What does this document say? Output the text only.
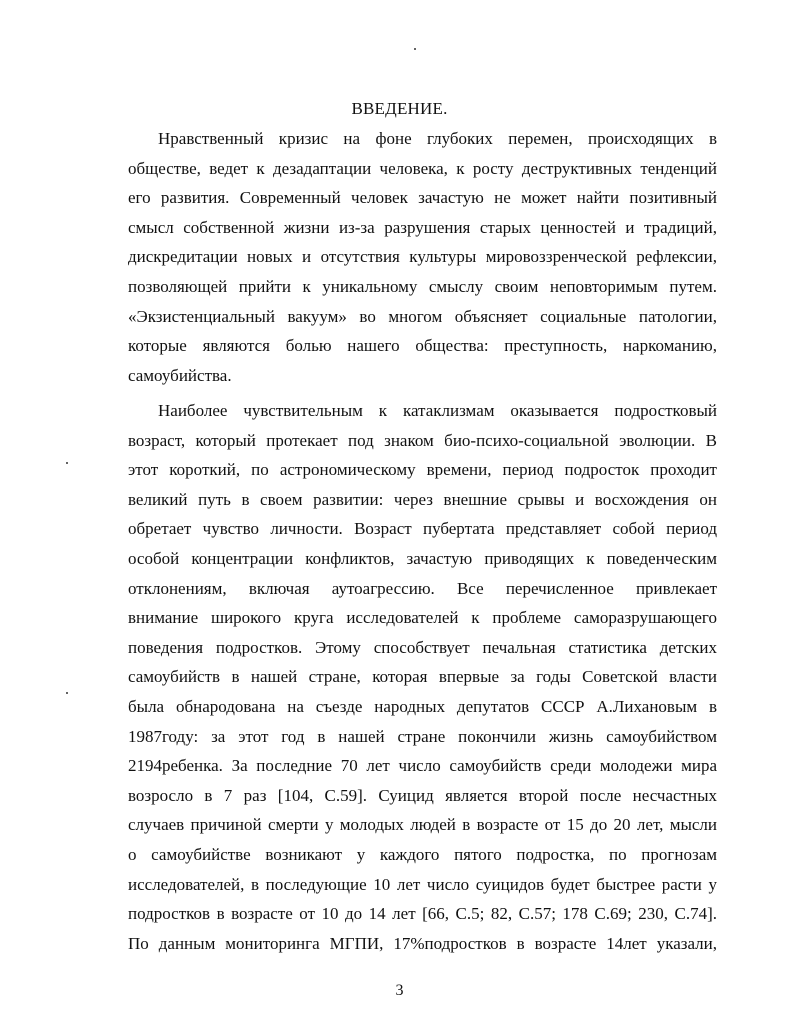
ВВЕДЕНИЕ.
Нравственный кризис на фоне глубоких перемен, происходящих в
обществе, ведет к дезадаптации человека, к росту деструктивных тенденций
его развития. Современный человек зачастую не может найти позитивный
смысл собственной жизни из-за разрушения старых ценностей и традиций,
дискредитации новых и отсутствия культуры мировоззренческой рефлексии,
позволяющей прийти к уникальному смыслу своим неповторимым путем.
«Экзистенциальный вакуум» во многом объясняет социальные патологии,
которые являются болью нашего общества: преступность, наркоманию,
самоубийства.
Наиболее чувствительным к катаклизмам оказывается подростковый
возраст, который протекает под знаком био-психо-социальной эволюции. В
этот короткий, по астрономическому времени, период подросток проходит
великий путь в своем развитии: через внешние срывы и восхождения он
обретает чувство личности. Возраст пубертата представляет собой период
особой концентрации конфликтов, зачастую приводящих к поведенческим
отклонениям, включая аутоагрессию. Все перечисленное привлекает
внимание широкого круга исследователей к проблеме саморазрушающего
поведения подростков. Этому способствует печальная статистика детских
самоубийств в нашей стране, которая впервые за годы Советской власти
была обнародована на съезде народных депутатов СССР А.Лихановым в
1987году: за этот год в нашей стране покончили жизнь самоубийством
2194ребенка. За последние 70 лет число самоубийств среди молодежи мира
возросло в 7 раз [104, С.59]. Суицид является второй после несчастных
случаев причиной смерти у молодых людей в возрасте от 15 до 20 лет, мысли
о самоубийстве возникают у каждого пятого подростка, по прогнозам
исследователей, в последующие 10 лет число суицидов будет быстрее расти у
подростков в возрасте от 10 до 14 лет [66, С.5; 82, С.57; 178 С.69; 230, С.74].
По данным мониторинга МГПИ, 17%подростков в возрасте 14лет указали,
3
